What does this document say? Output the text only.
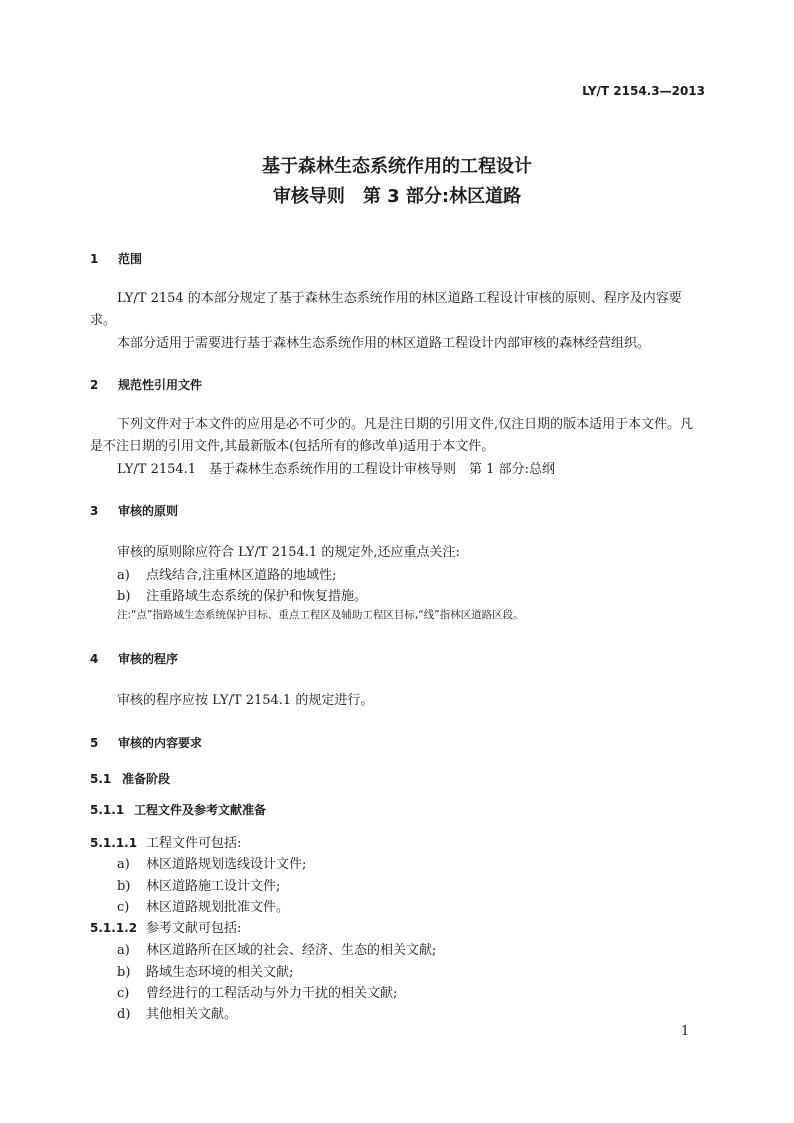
LY/T 2154.3—2013
基于森林生态系统作用的工程设计
审核导则　第 3 部分:林区道路
1 范围
LY/T 2154 的本部分规定了基于森林生态系统作用的林区道路工程设计审核的原则、程序及内容要求。
本部分适用于需要进行基于森林生态系统作用的林区道路工程设计内部审核的森林经营组织。
2 规范性引用文件
下列文件对于本文件的应用是必不可少的。凡是注日期的引用文件,仅注日期的版本适用于本文件。凡是不注日期的引用文件,其最新版本(包括所有的修改单)适用于本文件。
LY/T 2154.1　基于森林生态系统作用的工程设计审核导则　第 1 部分:总纲
3 审核的原则
审核的原则除应符合 LY/T 2154.1 的规定外,还应重点关注:
a) 点线结合,注重林区道路的地域性;
b) 注重路域生态系统的保护和恢复措施。
注:“点”指路域生态系统保护目标、重点工程区及辅助工程区目标,“线”指林区道路区段。
4 审核的程序
审核的程序应按 LY/T 2154.1 的规定进行。
5 审核的内容要求
5.1 准备阶段
5.1.1 工程文件及参考文献准备
5.1.1.1 工程文件可包括:
a) 林区道路规划选线设计文件;
b) 林区道路施工设计文件;
c) 林区道路规划批准文件。
5.1.1.2 参考文献可包括:
a) 林区道路所在区域的社会、经济、生态的相关文献;
b) 路域生态环境的相关文献;
c) 曾经进行的工程活动与外力干扰的相关文献;
d) 其他相关文献。
1
